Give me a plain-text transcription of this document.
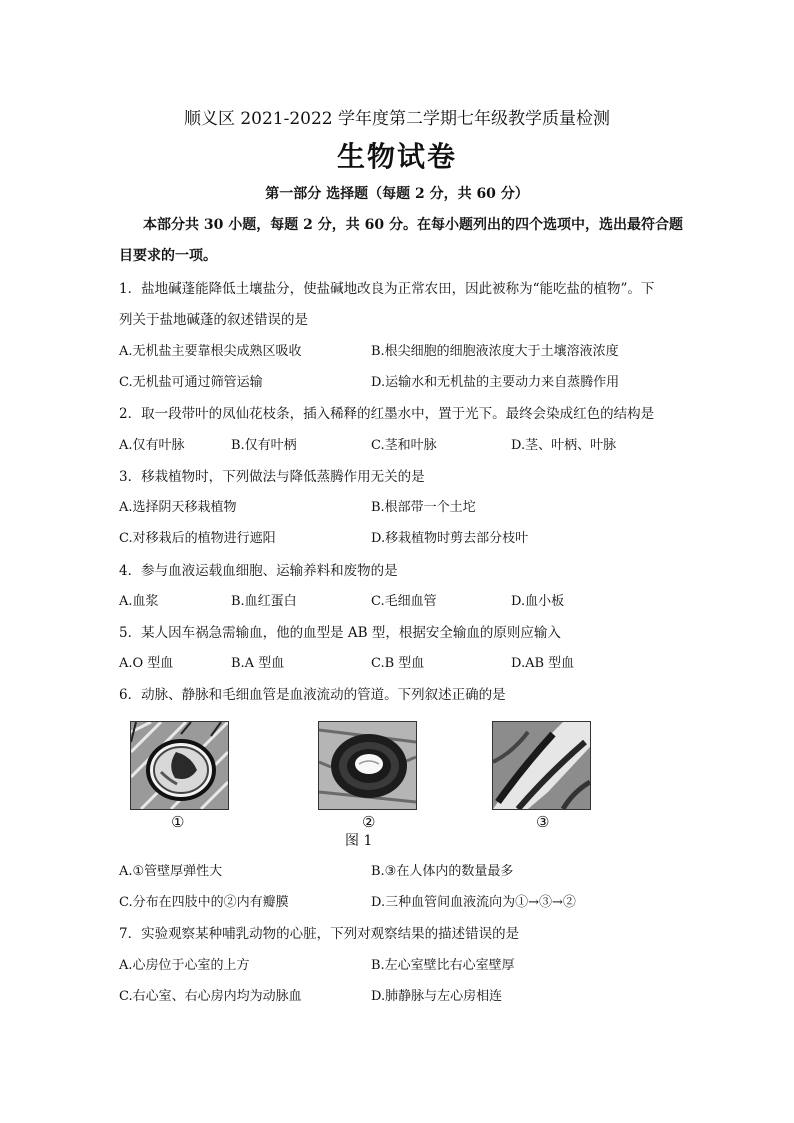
顺义区 2021-2022 学年度第二学期七年级教学质量检测
生物试卷
第一部分 选择题（每题 2 分，共 60 分）
本部分共 30 小题，每题 2 分，共 60 分。在每小题列出的四个选项中，选出最符合题
目要求的一项。
1．盐地碱蓬能降低土壤盐分，使盐碱地改良为正常农田，因此被称为“能吃盐的植物”。下
列关于盐地碱蓬的叙述错误的是
A.无机盐主要靠根尖成熟区吸收	B.根尖细胞的细胞液浓度大于土壤溶液浓度
C.无机盐可通过筛管运输	D.运输水和无机盐的主要动力来自蒸腾作用
2．取一段带叶的凤仙花枝条，插入稀释的红墨水中，置于光下。最终会染成红色的结构是
A.仅有叶脉	B.仅有叶柄	C.茎和叶脉	D.茎、叶柄、叶脉
3．移栽植物时，下列做法与降低蒸腾作用无关的是
A.选择阴天移栽植物	B.根部带一个土坨
C.对移栽后的植物进行遮阳	D.移栽植物时剪去部分枝叶
4．参与血液运载血细胞、运输养料和废物的是
A.血浆	B.血红蛋白	C.毛细血管	D.血小板
5．某人因车祸急需输血，他的血型是 AB 型，根据安全输血的原则应输入
A.O 型血	B.A 型血	C.B 型血	D.AB 型血
6．动脉、静脉和毛细血管是血液流动的管道。下列叙述正确的是
①	②	③
图 1
A.①管壁厚弹性大	B.③在人体内的数量最多
C.分布在四肢中的②内有瓣膜	D.三种血管间血液流向为①→③→②
7．实验观察某种哺乳动物的心脏，下列对观察结果的描述错误的是
A.心房位于心室的上方	B.左心室壁比右心室壁厚
C.右心室、右心房内均为动脉血	D.肺静脉与左心房相连
